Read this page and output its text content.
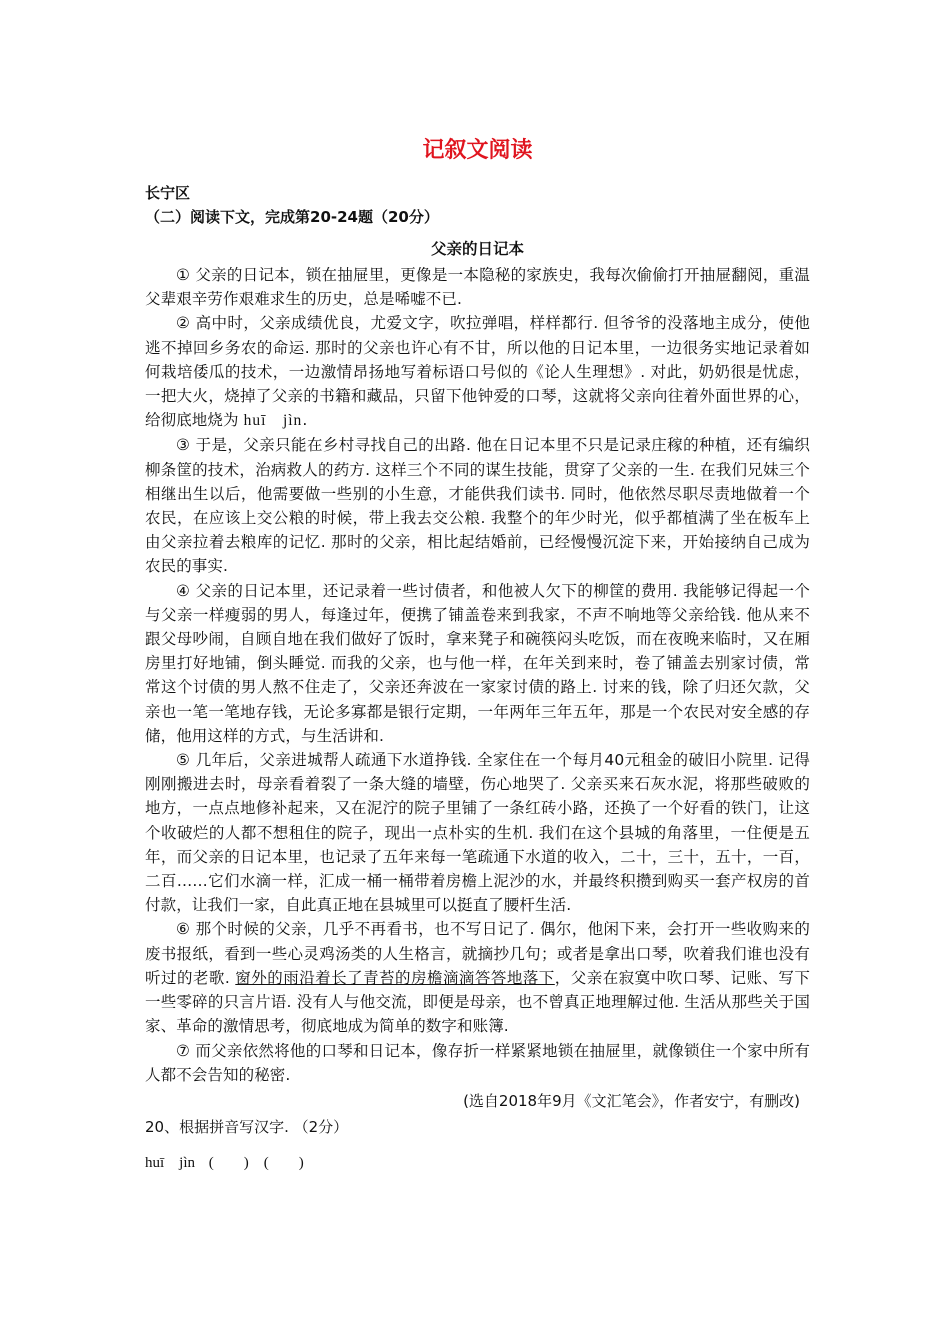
记叙文阅读
长宁区
（二）阅读下文，完成第20-24题（20分）
父亲的日记本

① 父亲的日记本，锁在抽屉里，更像是一本隐秘的家族史，我每次偷偷打开抽屉翻阅，重温父辈艰辛劳作艰难求生的历史，总是唏嘘不已.

② 高中时，父亲成绩优良，尤爱文字，吹拉弹唱，样样都行. 但爷爷的没落地主成分，使他逃不掉回乡务农的命运. 那时的父亲也许心有不甘，所以他的日记本里，一边很务实地记录着如何栽培倭瓜的技术，一边激情昂扬地写着标语口号似的《论人生理想》. 对此，奶奶很是忧虑，一把大火，烧掉了父亲的书籍和藏品，只留下他钟爱的口琴，这就将父亲向往着外面世界的心，给彻底地烧为 huī　jìn.

③ 于是，父亲只能在乡村寻找自己的出路. 他在日记本里不只是记录庄稼的种植，还有编织柳条筐的技术，治病救人的药方. 这样三个不同的谋生技能，贯穿了父亲的一生. 在我们兄妹三个相继出生以后，他需要做一些别的小生意，才能供我们读书. 同时，他依然尽职尽责地做着一个农民，在应该上交公粮的时候，带上我去交公粮. 我整个的年少时光，似乎都植满了坐在板车上由父亲拉着去粮库的记忆. 那时的父亲，相比起结婚前，已经慢慢沉淀下来，开始接纳自己成为农民的事实.

④ 父亲的日记本里，还记录着一些讨债者，和他被人欠下的柳筐的费用. 我能够记得起一个与父亲一样瘦弱的男人，每逢过年，便携了铺盖卷来到我家，不声不响地等父亲给钱. 他从来不跟父母吵闹，自顾自地在我们做好了饭时，拿来凳子和碗筷闷头吃饭，而在夜晚来临时，又在厢房里打好地铺，倒头睡觉. 而我的父亲，也与他一样，在年关到来时，卷了铺盖去别家讨债，常常这个讨债的男人熬不住走了，父亲还奔波在一家家讨债的路上. 讨来的钱，除了归还欠款，父亲也一笔一笔地存钱，无论多寡都是银行定期，一年两年三年五年，那是一个农民对安全感的存储，他用这样的方式，与生活讲和.

⑤ 几年后，父亲进城帮人疏通下水道挣钱. 全家住在一个每月40元租金的破旧小院里. 记得刚刚搬进去时，母亲看着裂了一条大缝的墙壁，伤心地哭了. 父亲买来石灰水泥，将那些破败的地方，一点点地修补起来，又在泥泞的院子里铺了一条红砖小路，还换了一个好看的铁门，让这个收破烂的人都不想租住的院子，现出一点朴实的生机. 我们在这个县城的角落里，一住便是五年，而父亲的日记本里，也记录了五年来每一笔疏通下水道的收入，二十，三十，五十，一百，二百……它们水滴一样，汇成一桶一桶带着房檐上泥沙的水，并最终积攒到购买一套产权房的首付款，让我们一家，自此真正地在县城里可以挺直了腰杆生活.

⑥ 那个时候的父亲，几乎不再看书，也不写日记了. 偶尔，他闲下来，会打开一些收购来的废书报纸，看到一些心灵鸡汤类的人生格言，就摘抄几句；或者是拿出口琴，吹着我们谁也没有听过的老歌. 窗外的雨沿着长了青苔的房檐滴滴答答地落下，父亲在寂寞中吹口琴、记账、写下一些零碎的只言片语. 没有人与他交流，即便是母亲，也不曾真正地理解过他. 生活从那些关于国家、革命的激情思考，彻底地成为简单的数字和账簿.

⑦ 而父亲依然将他的口琴和日记本，像存折一样紧紧地锁在抽屉里，就像锁住一个家中所有人都不会告知的秘密.

(选自2018年9月《文汇笔会》，作者安宁，有删改)
20、根据拼音写汉字. （2分）
huī　jìn (　　)　(　　)
